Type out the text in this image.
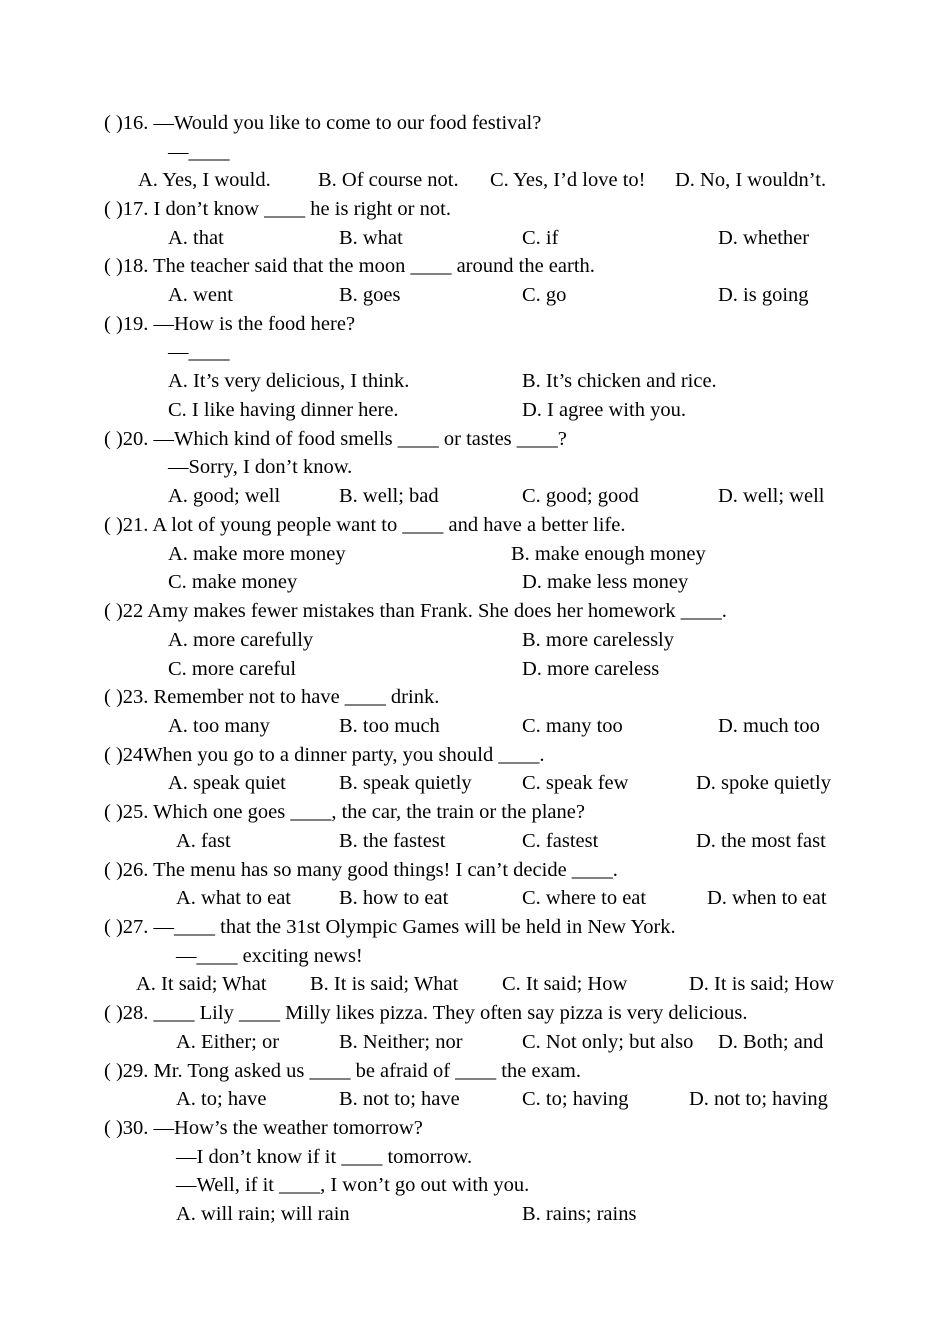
( )16. —Would you like to come to our food festival?
—____
A. Yes, I would. B. Of course not. C. Yes, I’d love to! D. No, I wouldn’t.
( )17. I don’t know ____ he is right or not.
A. that	B. what	C. if	D. whether
( )18. The teacher said that the moon ____ around the earth.
A. went	B. goes	C. go	D. is going
( )19. —How is the food here?
—____
A. It’s very delicious, I think.	B. It’s chicken and rice.
C. I like having dinner here.	D. I agree with you.
( )20. —Which kind of food smells ____ or tastes ____?
—Sorry, I don’t know.
A. good; well	B. well; bad	C. good; good	D. well; well
( )21. A lot of young people want to ____ and have a better life.
A. make more money	B. make enough money
C. make money	D. make less money
( )22 Amy makes fewer mistakes than Frank. She does her homework ____.
A. more carefully	B. more carelessly
C. more careful	D. more careless
( )23. Remember not to have ____ drink.
A. too many	B. too much	C. many too	D. much too
( )24When you go to a dinner party, you should ____.
A. speak quiet	B. speak quietly C. speak few	D. spoke quietly
( )25. Which one goes ____, the car, the train or the plane?
A. fast	B. the fastest	C. fastest	D. the most fast
( )26. The menu has so many good things! I can’t decide ____.
A. what to eat B. how to eat	C. where to eat	D. when to eat
( )27. —____ that the 31st Olympic Games will be held in New York.
—____ exciting news!
A. It said; What B. It is said; What C. It said; How	D. It is said; How
( )28. ____ Lily ____ Milly likes pizza. They often say pizza is very delicious.
A. Either; or	B. Neither; nor	C. Not only; but also D. Both; and
( )29. Mr. Tong asked us ____ be afraid of ____ the exam.
A. to; have	B. not to; have	C. to; having	D. not to; having
( )30. —How’s the weather tomorrow?
—I don’t know if it ____ tomorrow.
—Well, if it ____, I won’t go out with you.
A. will rain; will rain	B. rains; rains
